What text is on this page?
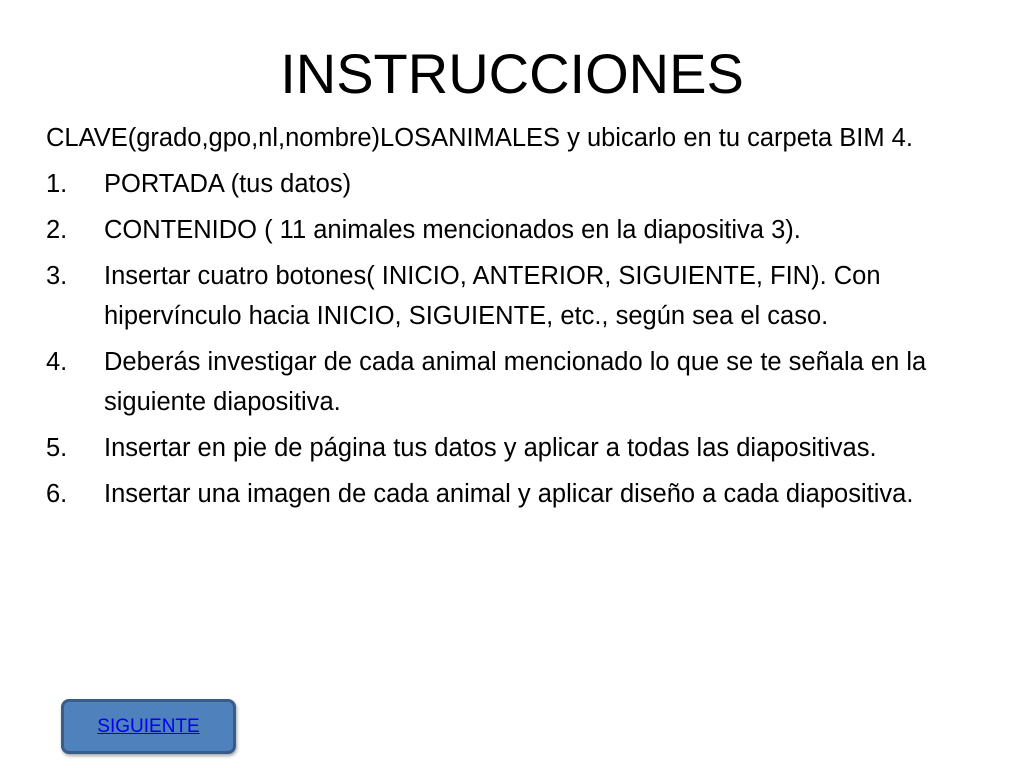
INSTRUCCIONES
CLAVE(grado,gpo,nl,nombre)LOSANIMALES y ubicarlo en tu carpeta BIM 4.
1.	PORTADA (tus datos)
2.	CONTENIDO ( 11 animales mencionados en la diapositiva 3).
3.	Insertar cuatro botones( INICIO, ANTERIOR, SIGUIENTE, FIN). Con hipervínculo hacia INICIO, SIGUIENTE, etc., según sea el caso.
4.	Deberás investigar de cada animal mencionado lo que se te señala en la siguiente diapositiva.
5.	Insertar en pie de página tus datos y aplicar a todas las diapositivas.
6.	Insertar una imagen de cada animal y aplicar diseño a cada diapositiva.
SIGUIENTE
